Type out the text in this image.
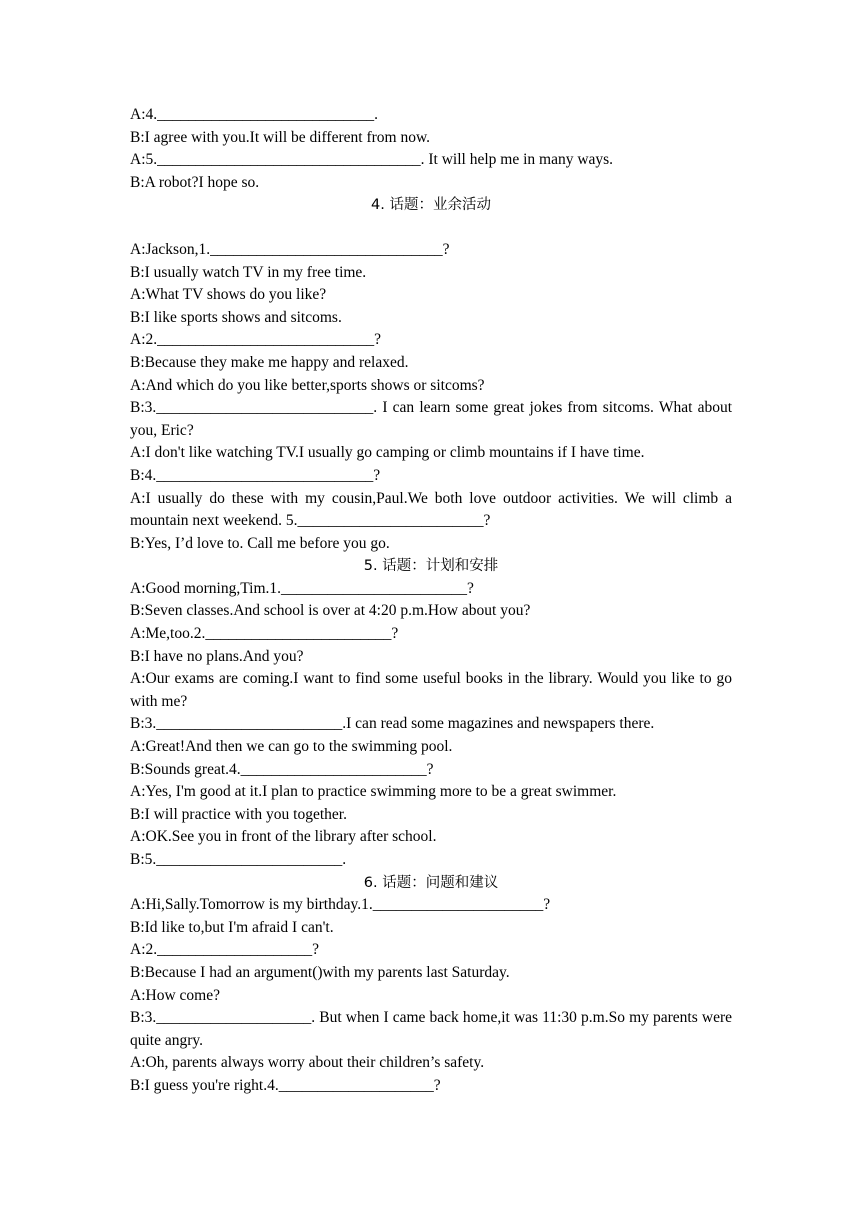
A:4.____________________________.
B:I agree with you.It will be different from now.
A:5.__________________________________. It will help me in many ways.
B:A robot?I hope so.
4. 话题：业余活动
A:Jackson,1.______________________________?
B:I usually watch TV in my free time.
A:What TV shows do you like?
B:I like sports shows and sitcoms.
A:2.____________________________?
B:Because they make me happy and relaxed.
A:And which do you like better,sports shows or sitcoms?
B:3.____________________________. I can learn some great jokes from sitcoms. What about you, Eric?
A:I don't like watching TV.I usually go camping or climb mountains if I have time.
B:4.____________________________?
A:I usually do these with my cousin,Paul.We both love outdoor activities. We will climb a mountain next weekend. 5.________________________?
B:Yes, I’d love to. Call me before you go.
5. 话题：计划和安排
A:Good morning,Tim.1.________________________?
B:Seven classes.And school is over at 4:20 p.m.How about you?
A:Me,too.2.________________________?
B:I have no plans.And you?
A:Our exams are coming.I want to find some useful books in the library. Would you like to go with me?
B:3.________________________.I can read some magazines and newspapers there.
A:Great!And then we can go to the swimming pool.
B:Sounds great.4.________________________?
A:Yes, I'm good at it.I plan to practice swimming more to be a great swimmer.
B:I will practice with you together.
A:OK.See you in front of the library after school.
B:5.________________________.
6. 话题：问题和建议
A:Hi,Sally.Tomorrow is my birthday.1.______________________?
B:Id like to,but I'm afraid I can't.
A:2.____________________?
B:Because I had an argument()with my parents last Saturday.
A:How come?
B:3.____________________. But when I came back home,it was 11:30 p.m.So my parents were quite angry.
A:Oh, parents always worry about their children’s safety.
B:I guess you're right.4.____________________?
